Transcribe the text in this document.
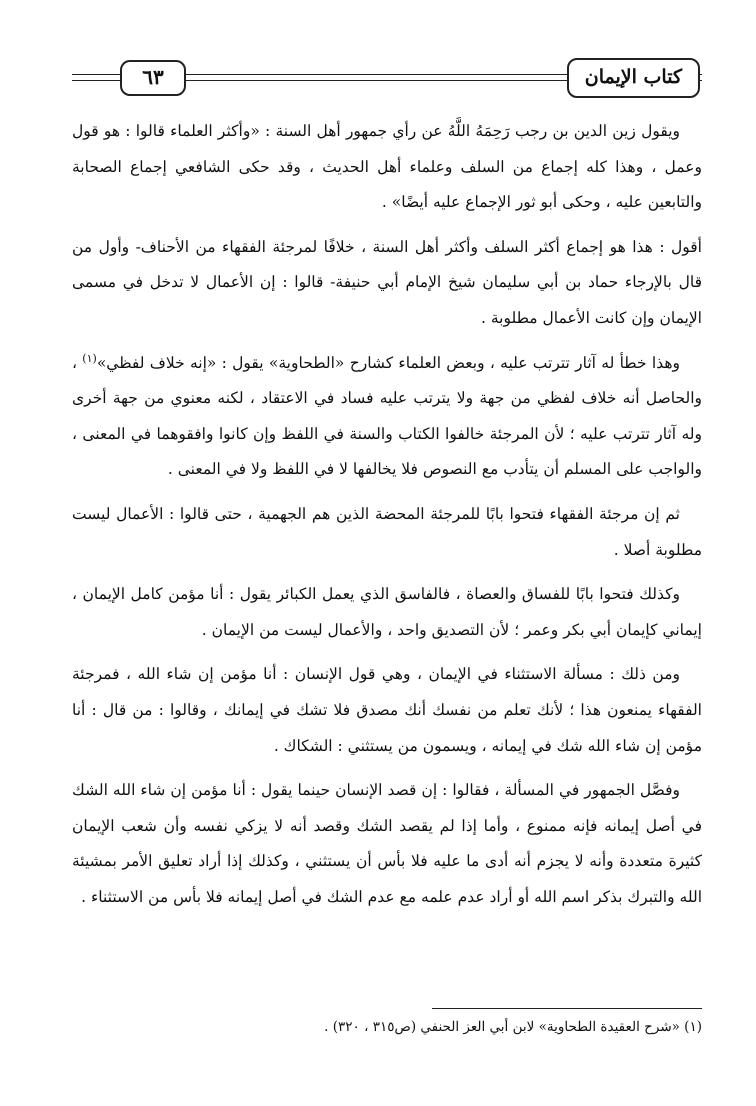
كتاب الإيمان
٦٣

ويقول زين الدين بن رجب رَحِمَهُ اللَّهُ عن رأي جمهور أهل السنة : «وأكثر العلماء قالوا : هو قول وعمل ، وهذا كله إجماع من السلف وعلماء أهل الحديث ، وقد حكى الشافعي إجماع الصحابة والتابعين عليه ، وحكى أبو ثور الإجماع عليه أيضًا» .

أقول : هذا هو إجماع أكثر السلف وأكثر أهل السنة ، خلافًا لمرجئة الفقهاء من الأحناف- وأول من قال بالإرجاء حماد بن أبي سليمان شيخ الإمام أبي حنيفة- قالوا : إن الأعمال لا تدخل في مسمى الإيمان وإن كانت الأعمال مطلوبة .

وهذا خطأ له آثار تترتب عليه ، وبعض العلماء كشارح «الطحاوية» يقول : «إنه خلاف لفظي»$^{(١)}$ ، والحاصل أنه خلاف لفظي من جهة ولا يترتب عليه فساد في الاعتقاد ، لكنه معنوي من جهة أخرى وله آثار تترتب عليه ؛ لأن المرجئة خالفوا الكتاب والسنة في اللفظ وإن كانوا وافقوهما في المعنى ، والواجب على المسلم أن يتأدب مع النصوص فلا يخالفها لا في اللفظ ولا في المعنى .

ثم إن مرجئة الفقهاء فتحوا بابًا للمرجئة المحضة الذين هم الجهمية ، حتى قالوا : الأعمال ليست مطلوبة أصلا .

وكذلك فتحوا بابًا للفساق والعصاة ، فالفاسق الذي يعمل الكبائر يقول : أنا مؤمن كامل الإيمان ، إيماني كإيمان أبي بكر وعمر ؛ لأن التصديق واحد ، والأعمال ليست من الإيمان .

ومن ذلك : مسألة الاستثناء في الإيمان ، وهي قول الإنسان : أنا مؤمن إن شاء الله ، فمرجئة الفقهاء يمنعون هذا ؛ لأنك تعلم من نفسك أنك مصدق فلا تشك في إيمانك ، وقالوا : من قال : أنا مؤمن إن شاء الله شك في إيمانه ، ويسمون من يستثني : الشكاك .

وفصَّل الجمهور في المسألة ، فقالوا : إن قصد الإنسان حينما يقول : أنا مؤمن إن شاء الله الشك في أصل إيمانه فإنه ممنوع ، وأما إذا لم يقصد الشك وقصد أنه لا يزكي نفسه وأن شعب الإيمان كثيرة متعددة وأنه لا يجزم أنه أدى ما عليه فلا بأس أن يستثني ، وكذلك إذا أراد تعليق الأمر بمشيئة الله والتبرك بذكر اسم الله أو أراد عدم علمه مع عدم الشك في أصل إيمانه فلا بأس من الاستثناء .

(١) «شرح العقيدة الطحاوية» لابن أبي العز الحنفي (ص٣١٥ ، ٣٢٠) .
